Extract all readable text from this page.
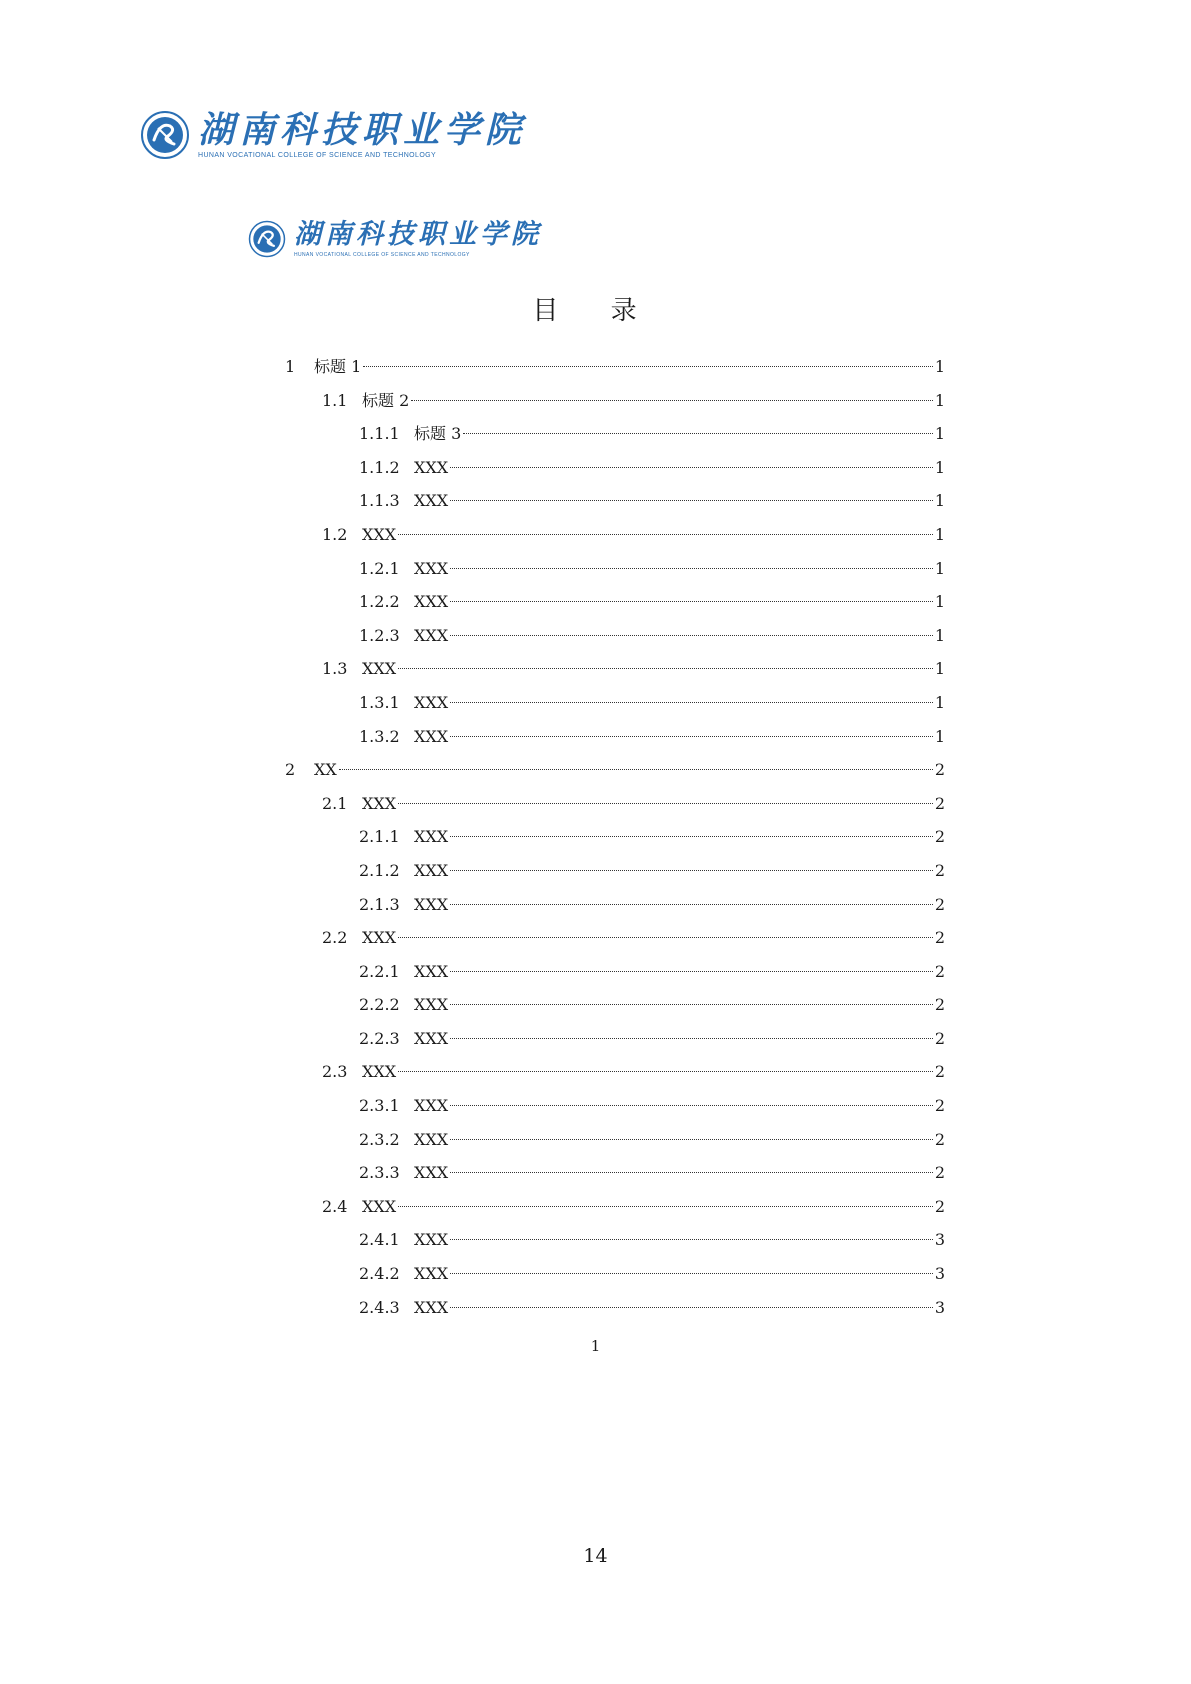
湖南科技职业学院
HUNAN VOCATIONAL COLLEGE OF SCIENCE AND TECHNOLOGY
湖南科技职业学院
HUNAN VOCATIONAL COLLEGE OF SCIENCE AND TECHNOLOGY
目 录
1	标题 1	1
1.1 标题 2	1
1.1.1 标题 3	1
1.1.2 XXX	1
1.1.3 XXX	1
1.2 XXX	1
1.2.1 XXX	1
1.2.2 XXX	1
1.2.3 XXX	1
1.3 XXX	1
1.3.1 XXX	1
1.3.2 XXX	1
2	XX	2
2.1 XXX	2
2.1.1 XXX	2
2.1.2 XXX	2
2.1.3 XXX	2
2.2 XXX	2
2.2.1 XXX	2
2.2.2 XXX	2
2.2.3 XXX	2
2.3 XXX	2
2.3.1 XXX	2
2.3.2 XXX	2
2.3.3 XXX	2
2.4 XXX	2
2.4.1 XXX	3
2.4.2 XXX	3
2.4.3 XXX	3
1
14
